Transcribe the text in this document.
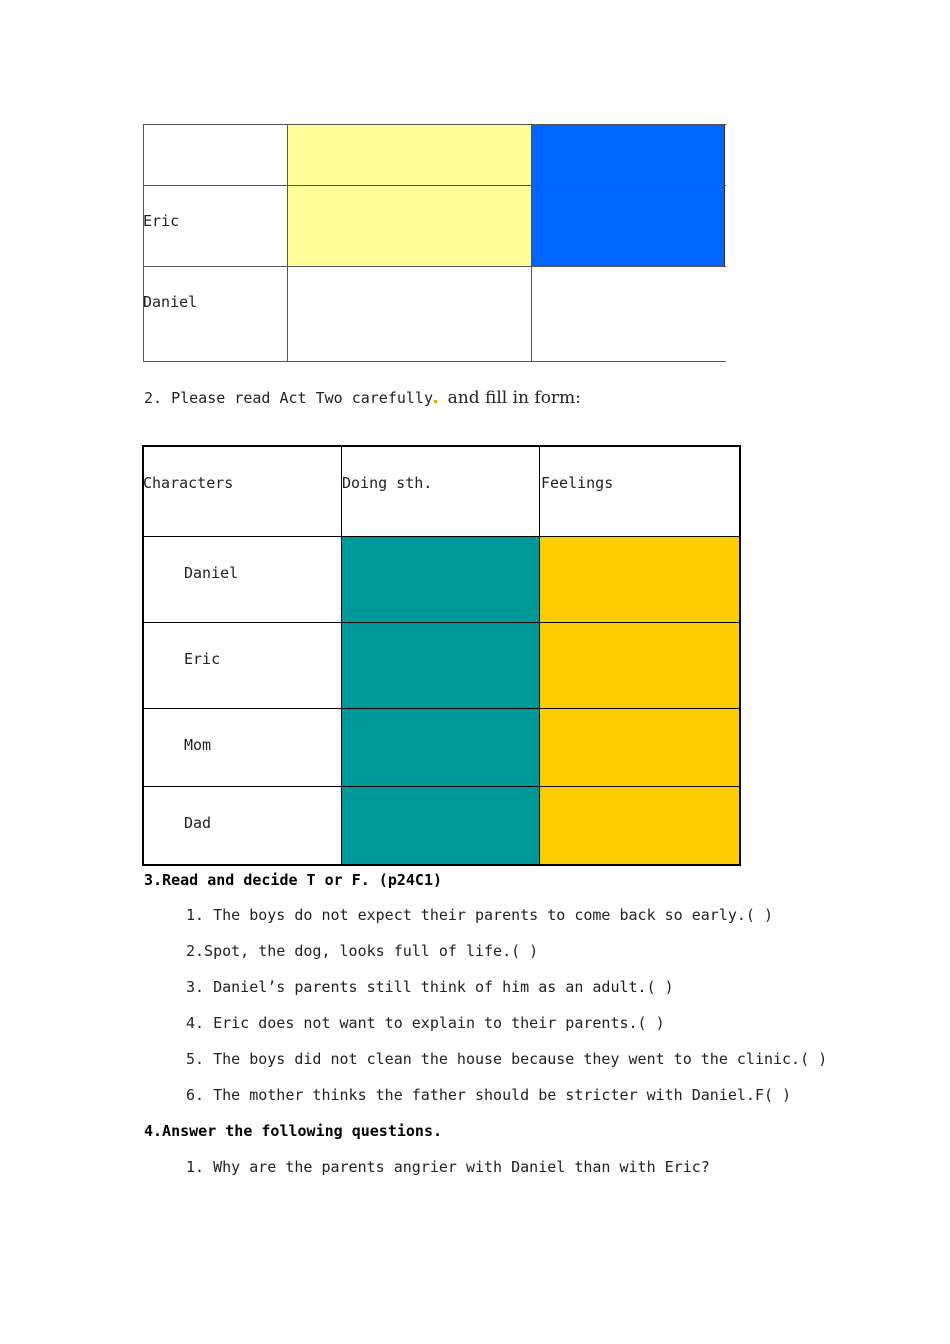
Eric
Daniel
2. Please read Act Two carefully and fill in form:
Characters	Doing sth.	Feelings
Daniel
Eric
Mom
Dad
3.Read and decide T or F. (p24C1)
1. The boys do not expect their parents to come back so early.( )
2.Spot, the dog, looks full of life.( )
3. Daniel’s parents still think of him as an adult.( )
4. Eric does not want to explain to their parents.( )
5. The boys did not clean the house because they went to the clinic.( )
6. The mother thinks the father should be stricter with Daniel.F( )
4.Answer the following questions.
1. Why are the parents angrier with Daniel than with Eric?
